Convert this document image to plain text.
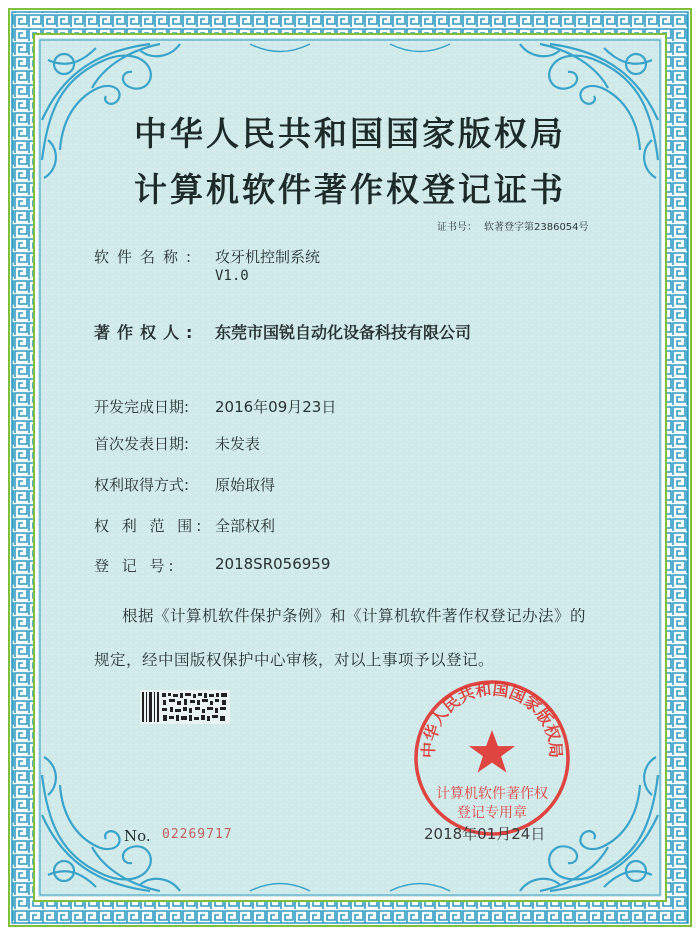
中华人民共和国国家版权局
计算机软件著作权登记证书
证书号： 软著登字第2386054号
软件名称: 攻牙机控制系统
V1.0
著作权人: 东莞市国锐自动化设备科技有限公司
开发完成日期: 2016年09月23日
首次发表日期: 未发表
权利取得方式: 原始取得
权 利 范 围: 全部权利
登 记 号: 2018SR056959
根据《计算机软件保护条例》和《计算机软件著作权登记办法》的
规定，经中国版权保护中心审核，对以上事项予以登记。
中华人民共和国国家版权局
计算机软件著作权
登记专用章
No. 02269717	2018年01月24日
